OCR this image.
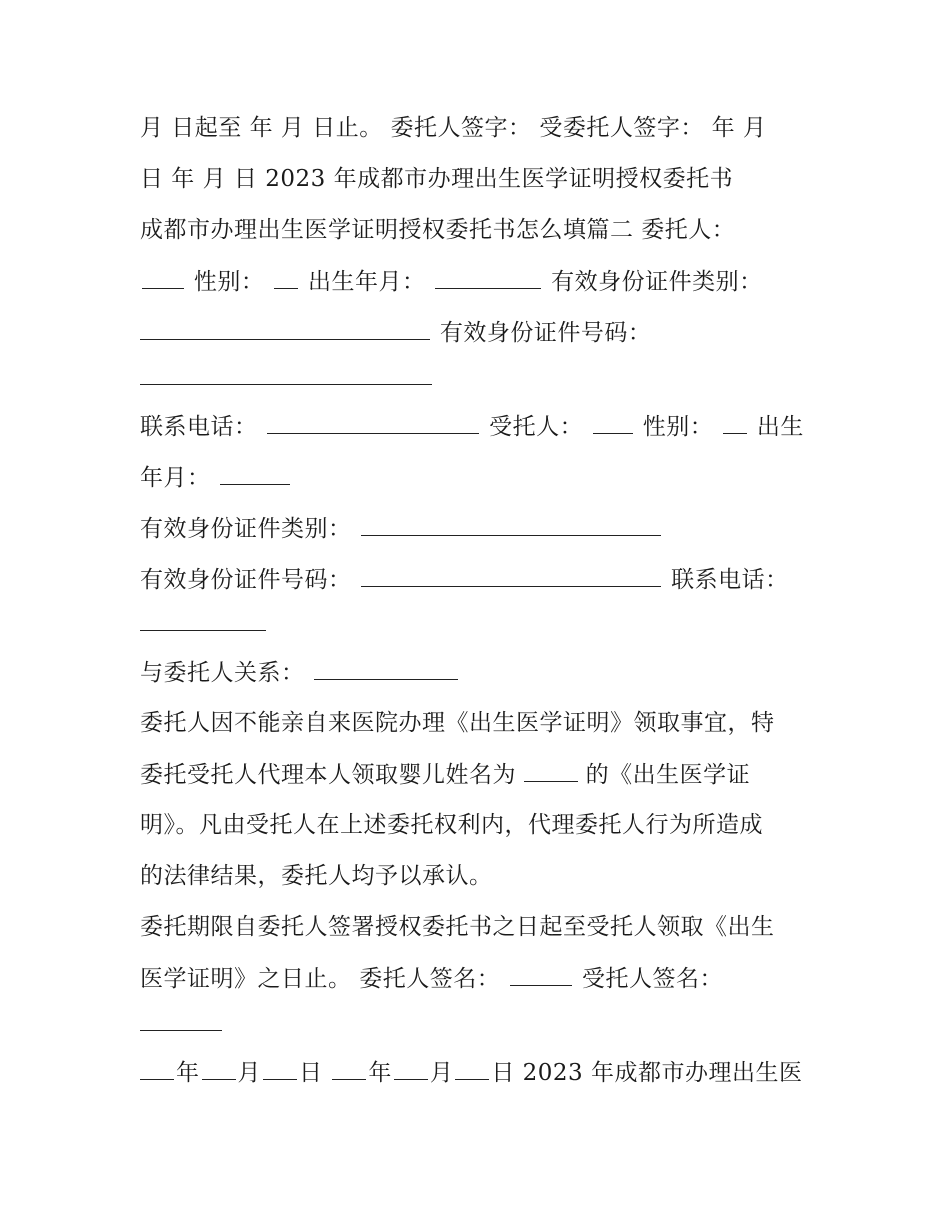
月 日起至 年 月 日止。 委托人签字： 受委托人签字： 年 月
日 年 月 日 2023 年成都市办理出生医学证明授权委托书
成都市办理出生医学证明授权委托书怎么填篇二 委托人：
性别： 出生年月：	有效身份证件类别：
有效身份证件号码：
联系电话：	受托人：	性别： 出生
年月：
有效身份证件类别：
有效身份证件号码：	联系电话：
与委托人关系：
委托人因不能亲自来医院办理《出生医学证明》领取事宜，特
委托受托人代理本人领取婴儿姓名为	的《出生医学证
明》。凡由受托人在上述委托权利内，代理委托人行为所造成
的法律结果，委托人均予以承认。
委托期限自委托人签署授权委托书之日起至受托人领取《出生
医学证明》之日止。 委托人签名：	受托人签名：
年 月 日 年 月 日 2023 年成都市办理出生医
